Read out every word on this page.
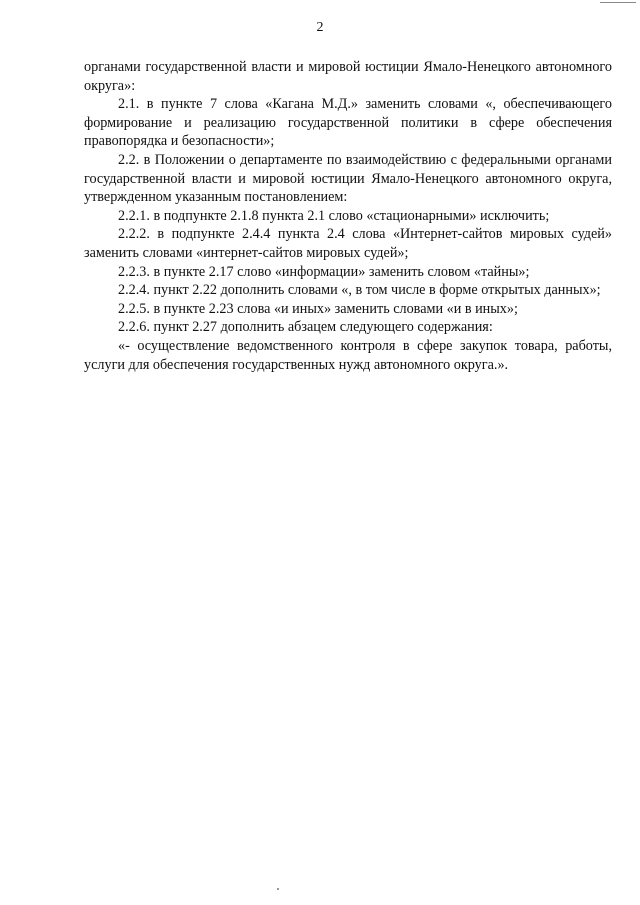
2

органами государственной власти и мировой юстиции Ямало-Ненецкого автономного округа»:

2.1. в пункте 7 слова «Кагана М.Д.» заменить словами «, обеспечивающего формирование и реализацию государственной политики в сфере обеспечения правопорядка и безопасности»;

2.2. в Положении о департаменте по взаимодействию с федеральными органами государственной власти и мировой юстиции Ямало-Ненецкого автономного округа, утвержденном указанным постановлением:

2.2.1. в подпункте 2.1.8 пункта 2.1 слово «стационарными» исключить;

2.2.2. в подпункте 2.4.4 пункта 2.4 слова «Интернет-сайтов мировых судей» заменить словами «интернет-сайтов мировых судей»;

2.2.3. в пункте 2.17 слово «информации» заменить словом «тайны»;

2.2.4. пункт 2.22 дополнить словами «, в том числе в форме открытых данных»;

2.2.5. в пункте 2.23 слова «и иных» заменить словами «и в иных»;

2.2.6. пункт 2.27 дополнить абзацем следующего содержания:

«- осуществление ведомственного контроля в сфере закупок товара, работы, услуги для обеспечения государственных нужд автономного округа.».
